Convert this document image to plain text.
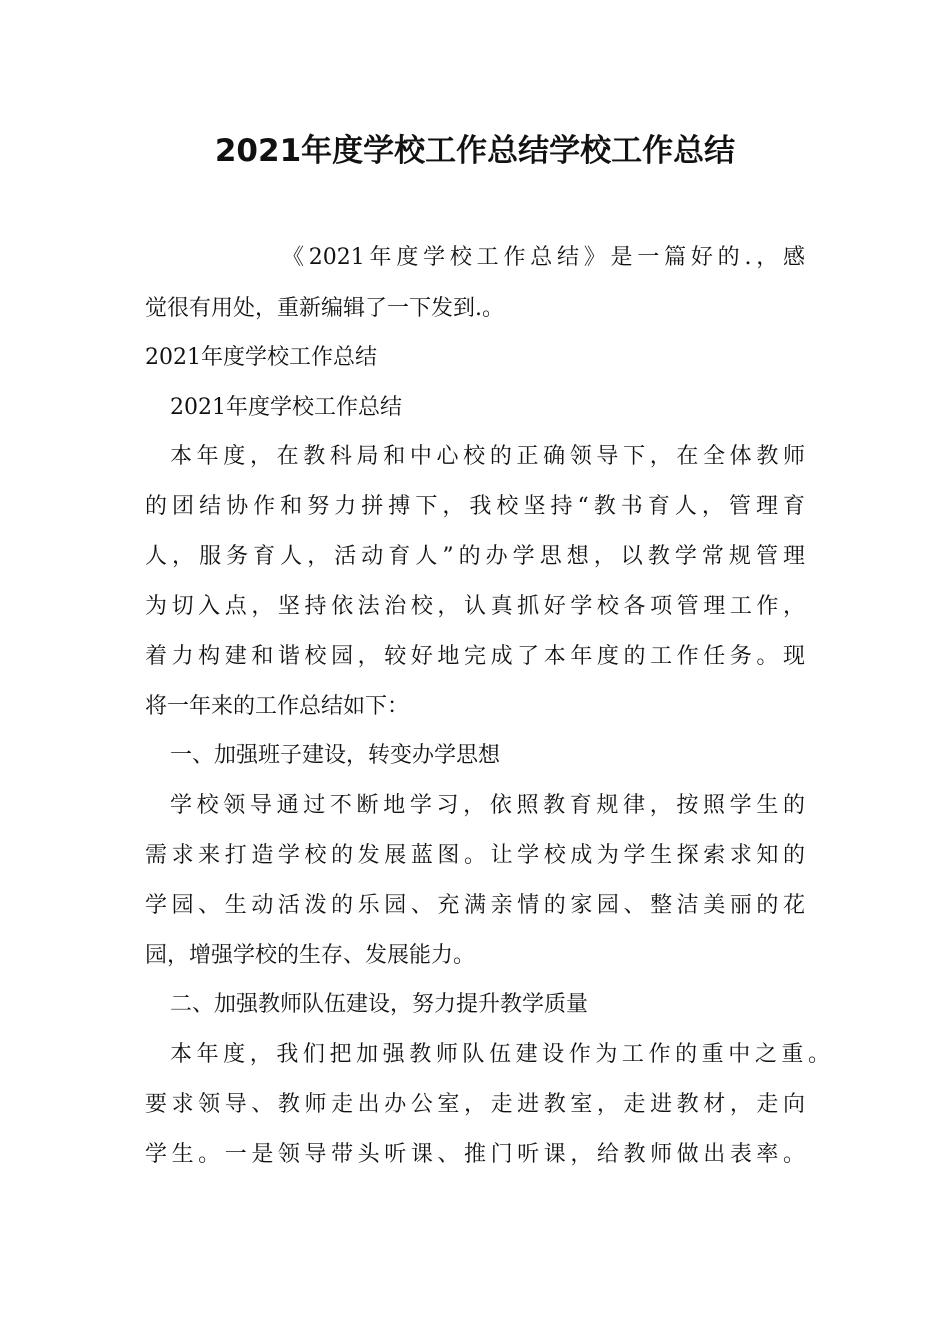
2021年度学校工作总结学校工作总结
《2021年度学校工作总结》是一篇好的.，感
觉很有用处，重新编辑了一下发到.。
2021年度学校工作总结
2021年度学校工作总结
本年度，在教科局和中心校的正确领导下，在全体教师
的团结协作和努力拼搏下，我校坚持“教书育人，管理育
人，服务育人，活动育人”的办学思想，以教学常规管理
为切入点，坚持依法治校，认真抓好学校各项管理工作，
着力构建和谐校园，较好地完成了本年度的工作任务。现
将一年来的工作总结如下：
一、加强班子建设，转变办学思想
学校领导通过不断地学习，依照教育规律，按照学生的
需求来打造学校的发展蓝图。让学校成为学生探索求知的
学园、生动活泼的乐园、充满亲情的家园、整洁美丽的花
园，增强学校的生存、发展能力。
二、加强教师队伍建设，努力提升教学质量
本年度，我们把加强教师队伍建设作为工作的重中之重。
要求领导、教师走出办公室，走进教室，走进教材，走向
学生。一是领导带头听课、推门听课，给教师做出表率。
